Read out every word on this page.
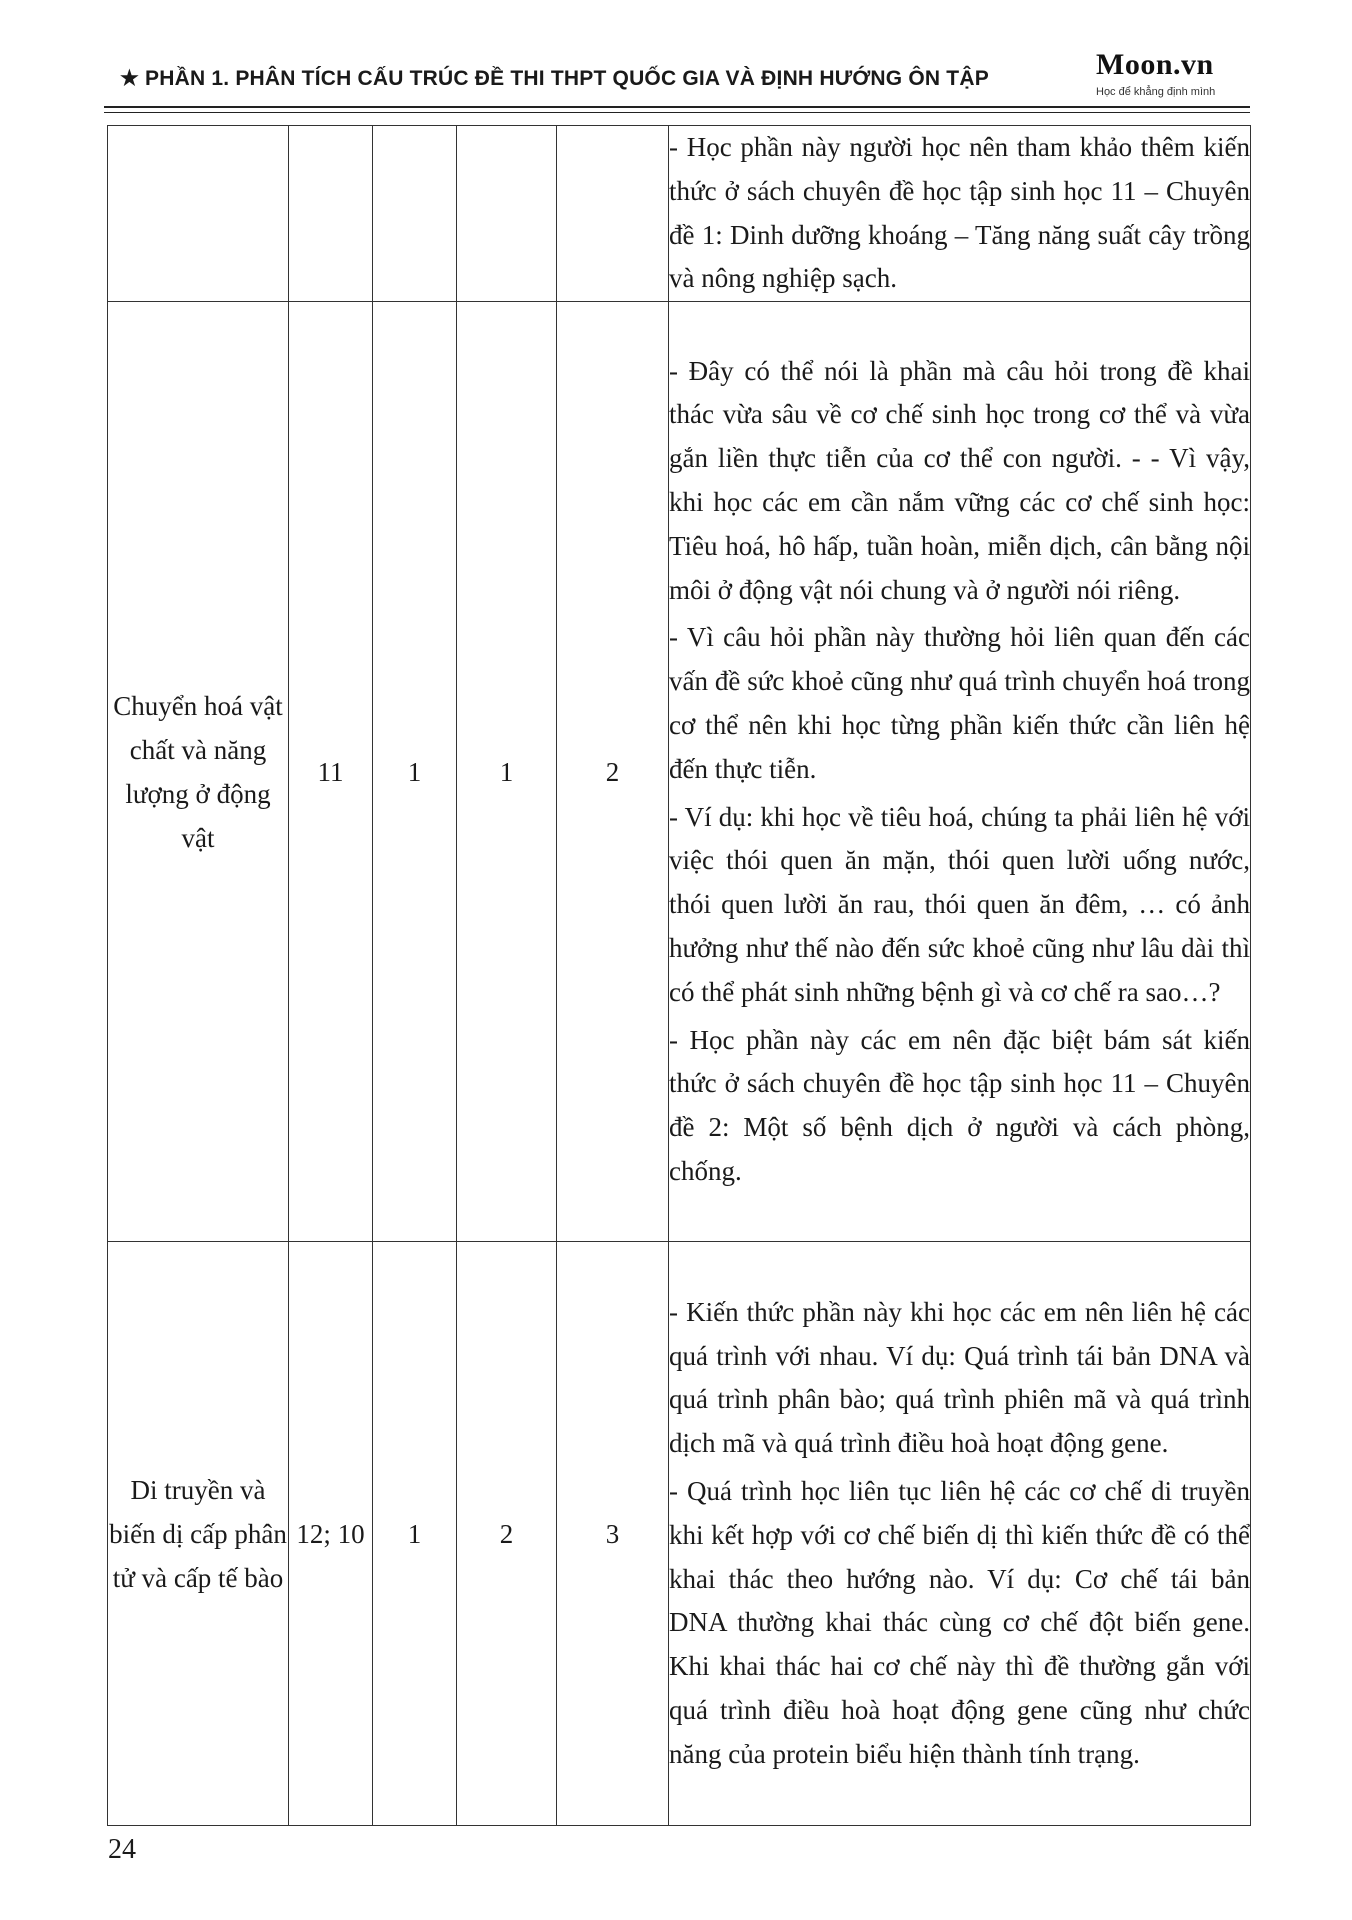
★ PHẦN 1. PHÂN TÍCH CẤU TRÚC ĐỀ THI THPT QUỐC GIA VÀ ĐỊNH HƯỚNG ÔN TẬP	Moon.vn
Học để khẳng định mình

					- Học phần này người học nên tham khảo thêm kiến thức ở sách chuyên đề học tập sinh học 11 – Chuyên đề 1: Dinh dưỡng khoáng – Tăng năng suất cây trồng và nông nghiệp sạch.

Chuyển hoá vật chất và năng lượng ở động vật	11	1	1	2	- Đây có thể nói là phần mà câu hỏi trong đề khai thác vừa sâu về cơ chế sinh học trong cơ thể và vừa gắn liền thực tiễn của cơ thể con người. - - Vì vậy, khi học các em cần nắm vững các cơ chế sinh học: Tiêu hoá, hô hấp, tuần hoàn, miễn dịch, cân bằng nội môi ở động vật nói chung và ở người nói riêng.

- Vì câu hỏi phần này thường hỏi liên quan đến các vấn đề sức khoẻ cũng như quá trình chuyển hoá trong cơ thể nên khi học từng phần kiến thức cần liên hệ đến thực tiễn.

- Ví dụ: khi học về tiêu hoá, chúng ta phải liên hệ với việc thói quen ăn mặn, thói quen lười uống nước, thói quen lười ăn rau, thói quen ăn đêm, … có ảnh hưởng như thế nào đến sức khoẻ cũng như lâu dài thì có thể phát sinh những bệnh gì và cơ chế ra sao…?

- Học phần này các em nên đặc biệt bám sát kiến thức ở sách chuyên đề học tập sinh học 11 – Chuyên đề 2: Một số bệnh dịch ở người và cách phòng, chống.

Di truyền và biến dị cấp phân tử và cấp tế bào	12; 10	1	2	3	- Kiến thức phần này khi học các em nên liên hệ các quá trình với nhau. Ví dụ: Quá trình tái bản DNA và quá trình phân bào; quá trình phiên mã và quá trình dịch mã và quá trình điều hoà hoạt động gene.

- Quá trình học liên tục liên hệ các cơ chế di truyền khi kết hợp với cơ chế biến dị thì kiến thức đề có thể khai thác theo hướng nào. Ví dụ: Cơ chế tái bản DNA thường khai thác cùng cơ chế đột biến gene. Khi khai thác hai cơ chế này thì đề thường gắn với quá trình điều hoà hoạt động gene cũng như chức năng của protein biểu hiện thành tính trạng.

24
